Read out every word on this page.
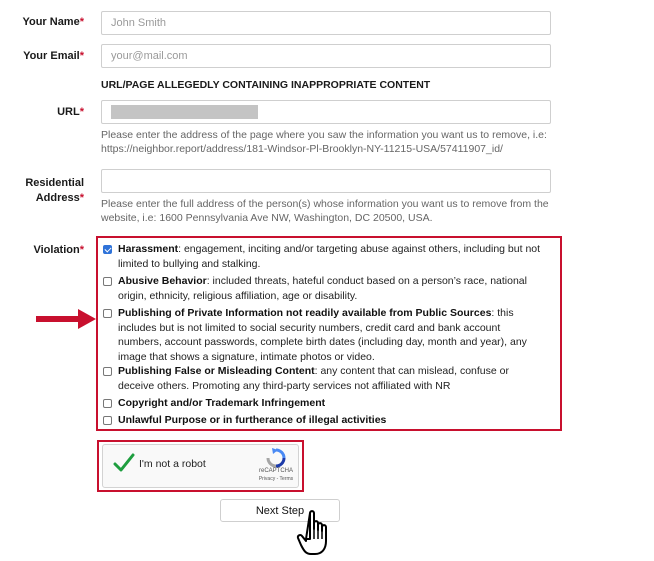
Your Name* John Smith
Your Email* your@mail.com
URL/PAGE ALLEGEDLY CONTAINING INAPPROPRIATE CONTENT
URL*
Please enter the address of the page where you saw the information you want us to remove, i.e: https://neighbor.report/address/181-Windsor-Pl-Brooklyn-NY-11215-USA/57411907_id/
Residential
Address* Please enter the full address of the person(s) whose information you want us to remove from the website, i.e: 1600 Pennsylvania Ave NW, Washington, DC 20500, USA.
Violation*	Harassment: engagement, inciting and/or targeting abuse against others, including but not limited to bullying and stalking.
Abusive Behavior: included threats, hateful conduct based on a person’s race, national origin, ethnicity, religious affiliation, age or disability.
Publishing of Private Information not readily available from Public Sources: this includes but is not limited to social security numbers, credit card and bank account numbers, account passwords, complete birth dates (including day, month and year), any image that shows a signature, intimate photos or video.
Publishing False or Misleading Content: any content that can mislead, confuse or deceive others. Promoting any third-party services not affiliated with NR
Copyright and/or Trademark Infringement
Unlawful Purpose or in furtherance of illegal activities
I'm not a robot
reCAPTCHA
Privacy - Terms
Next Step
